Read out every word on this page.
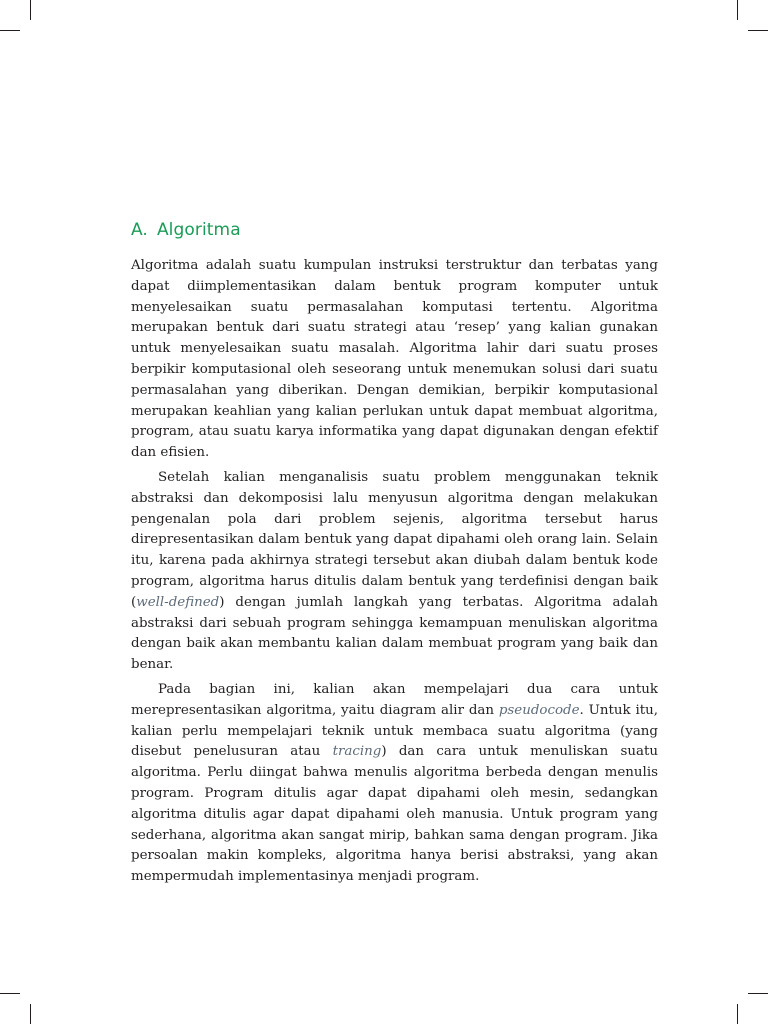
A. Algoritma

Algoritma adalah suatu kumpulan instruksi terstruktur dan terbatas yang dapat diimplementasikan dalam bentuk program komputer untuk menyelesaikan suatu permasalahan komputasi tertentu. Algoritma merupakan bentuk dari suatu strategi atau ‘resep’ yang kalian gunakan untuk menyelesaikan suatu masalah. Algoritma lahir dari suatu proses berpikir komputasional oleh seseorang untuk menemukan solusi dari suatu permasalahan yang diberikan. Dengan demikian, berpikir komputasional merupakan keahlian yang kalian perlukan untuk dapat membuat algoritma, program, atau suatu karya informatika yang dapat digunakan dengan efektif dan efisien.

Setelah kalian menganalisis suatu problem menggunakan teknik abstraksi dan dekomposisi lalu menyusun algoritma dengan melakukan pengenalan pola dari problem sejenis, algoritma tersebut harus direpresentasikan dalam bentuk yang dapat dipahami oleh orang lain. Selain itu, karena pada akhirnya strategi tersebut akan diubah dalam bentuk kode program, algoritma harus ditulis dalam bentuk yang terdefinisi dengan baik (well-defined) dengan jumlah langkah yang terbatas. Algoritma adalah abstraksi dari sebuah program sehingga kemampuan menuliskan algoritma dengan baik akan membantu kalian dalam membuat program yang baik dan benar.

Pada bagian ini, kalian akan mempelajari dua cara untuk merepresentasikan algoritma, yaitu diagram alir dan pseudocode. Untuk itu, kalian perlu mempelajari teknik untuk membaca suatu algoritma (yang disebut penelusuran atau tracing) dan cara untuk menuliskan suatu algoritma. Perlu diingat bahwa menulis algoritma berbeda dengan menulis program. Program ditulis agar dapat dipahami oleh mesin, sedangkan algoritma ditulis agar dapat dipahami oleh manusia. Untuk program yang sederhana, algoritma akan sangat mirip, bahkan sama dengan program. Jika persoalan makin kompleks, algoritma hanya berisi abstraksi, yang akan mempermudah implementasinya menjadi program.
